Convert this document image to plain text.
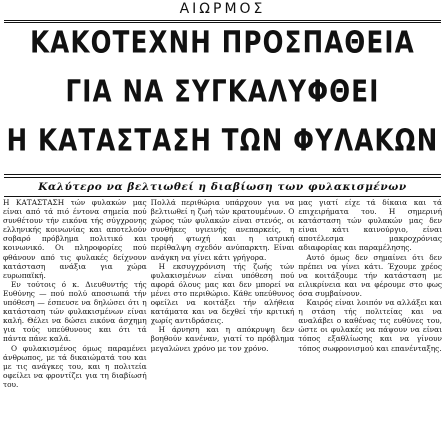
ΑΙΩΡΜΟΣ
ΚΑΚΟΤΕΧΝΗ ΠΡΟΣΠΑΘΕΙΑ
ΓΙΑ ΝΑ ΣΥΓΚΑΛΥΦΘΕΙ
Η ΚΑΤΑΣΤΑΣΗ ΤΩΝ ΦΥΛΑΚΩΝ
Καλύτερο να βελτιωθεί η διαβίωση των φυλακισμένων

Η ΚΑΤΑΣΤΑΣΗ τών φυλακών μας είναι από τά πιό έντονα σημεία πού συνθέτουν τήν εικόνα τής σύγχρονης ελληνικής κοινωνίας και αποτελούν σοβαρό πρόβλημα πολιτικό και κοινωνικό. Οι πληροφορίες πού φθάνουν από τις φυλακές δείχνουν κατάσταση ανάξια για χώρα ευρωπαϊκή.

Εν τούτοις ό κ. Διευθυντής τής Ευθύνης — πού πολύ αποσιωπά τήν υπόθεση — έσπευσε να δηλώσει ότι η κατάσταση τών φυλακισμένων είναι καλή. Θέλει να δώσει εικόνα άσχημη για τούς υπεύθυνους και ότι τά πάντα πάνε καλά.

Ο φυλακισμένος όμως παραμένει άνθρωπος, με τά δικαιώματά του και με τις ανάγκες του, και η πολιτεία οφείλει να φροντίζει για τη διαβίωσή του.

Πολλά περιθώρια υπάρχουν για να βελτιωθεί η ζωή τών κρατουμένων. Ο χώρος τών φυλακών είναι στενός, οι συνθήκες υγιεινής ανεπαρκείς, η τροφή φτωχή και η ιατρική περίθαλψη σχεδόν ανύπαρκτη. Είναι ανάγκη να γίνει κάτι γρήγορα.

Η εκσυγχρόνιση τής ζωής τών φυλακισμένων είναι υπόθεση πού αφορά όλους μας και δεν μπορεί να μένει στο περιθώριο. Κάθε υπεύθυνος οφείλει να κοιτάξει τήν αλήθεια κατάματα και να δεχθεί τήν κριτική χωρίς αντιδράσεις.

Η άρνηση και η απόκρυψη δεν βοηθούν κανέναν, γιατί το πρόβλημα μεγαλώνει χρόνο με τον χρόνο.

μας γιατί είχε τά δίκαια και τά επιχειρήματα του. Η σημερινή κατάσταση τών φυλακών μας δεν είναι κάτι καινούργιο, είναι αποτέλεσμα μακροχρόνιας αδιαφορίας και παραμέλησης.

Αυτό όμως δεν σημαίνει ότι δεν πρέπει να γίνει κάτι. Έχουμε χρέος να κοιτάξουμε τήν κατάσταση με ειλικρίνεια και να φέρουμε στο φως όσα συμβαίνουν.

Καιρός είναι λοιπόν να αλλάξει και η στάση τής πολιτείας και να αναλάβει ο καθένας τις ευθύνες του, ώστε οι φυλακές να πάψουν να είναι τόπος εξαθλίωσης και να γίνουν τόπος σωφρονισμού και επανένταξης.
